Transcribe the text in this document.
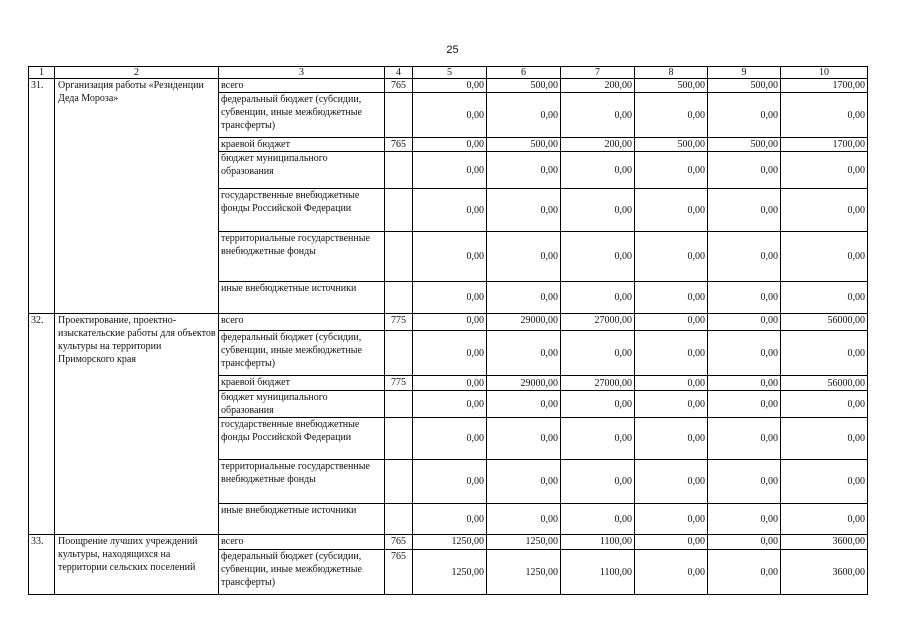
25
1	2	3	4	5	6	7	8	9	10
31.	Организация работы «Резиденции Деда Мороза»	всего	765	0,00	500,00	200,00	500,00	500,00	1700,00
		федеральный бюджет (субсидии, субвенции, иные межбюджетные трансферты)		0,00	0,00	0,00	0,00	0,00	0,00
		краевой бюджет	765	0,00	500,00	200,00	500,00	500,00	1700,00
		бюджет муниципального образования		0,00	0,00	0,00	0,00	0,00	0,00
		государственные внебюджетные фонды Российской Федерации		0,00	0,00	0,00	0,00	0,00	0,00
		территориальные государственные внебюджетные фонды		0,00	0,00	0,00	0,00	0,00	0,00
		иные внебюджетные источники		0,00	0,00	0,00	0,00	0,00	0,00
32.	Проектирование, проектно-изыскательские работы для объектов культуры на территории Приморского края	всего	775	0,00	29000,00	27000,00	0,00	0,00	56000,00
		федеральный бюджет (субсидии, субвенции, иные межбюджетные трансферты)		0,00	0,00	0,00	0,00	0,00	0,00
		краевой бюджет	775	0,00	29000,00	27000,00	0,00	0,00	56000,00
		бюджет муниципального образования		0,00	0,00	0,00	0,00	0,00	0,00
		государственные внебюджетные фонды Российской Федерации		0,00	0,00	0,00	0,00	0,00	0,00
		территориальные государственные внебюджетные фонды		0,00	0,00	0,00	0,00	0,00	0,00
		иные внебюджетные источники		0,00	0,00	0,00	0,00	0,00	0,00
33.	Поощрение лучших учреждений культуры, находящихся на территории сельских поселений	всего	765	1250,00	1250,00	1100,00	0,00	0,00	3600,00
		федеральный бюджет (субсидии, субвенции, иные межбюджетные трансферты)	765	1250,00	1250,00	1100,00	0,00	0,00	3600,00
